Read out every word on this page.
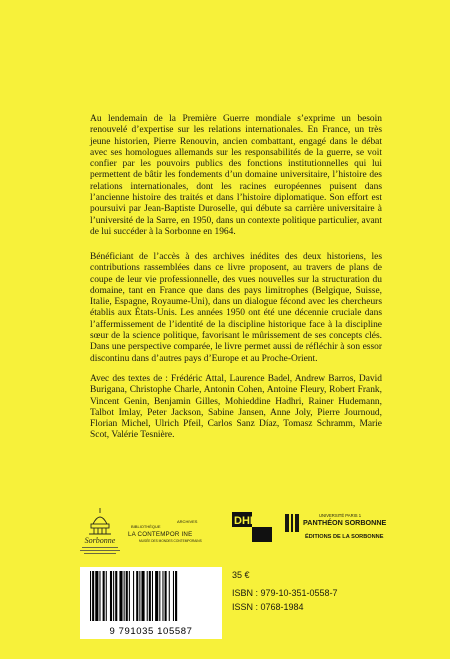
Au lendemain de la Première Guerre mondiale s’exprime un besoin renouvelé d’expertise sur les relations internationales. En France, un très jeune historien, Pierre Renouvin, ancien combattant, engagé dans le débat avec ses homologues allemands sur les responsabilités de la guerre, se voit confier par les pouvoirs publics des fonctions institutionnelles qui lui permettent de bâtir les fondements d’un domaine universitaire, l’histoire des relations internationales, dont les racines européennes puisent dans l’ancienne histoire des traités et dans l’histoire diplomatique. Son effort est poursuivi par Jean-Baptiste Duroselle, qui débute sa carrière universitaire à l’université de la Sarre, en 1950, dans un contexte politique particulier, avant de lui succéder à la Sorbonne en 1964.

Bénéficiant de l’accès à des archives inédites des deux historiens, les contributions rassemblées dans ce livre proposent, au travers de plans de coupe de leur vie professionnelle, des vues nouvelles sur la structuration du domaine, tant en France que dans des pays limitrophes (Belgique, Suisse, Italie, Espagne, Royaume-Uni), dans un dialogue fécond avec les chercheurs établis aux États-Unis. Les années 1950 ont été une décennie cruciale dans l’affermissement de l’identité de la discipline historique face à la discipline sœur de la science politique, favorisant le mûrissement de ses concepts clés. Dans une perspective comparée, le livre permet aussi de réfléchir à son essor discontinu dans d’autres pays d’Europe et au Proche-Orient.

Avec des textes de : Frédéric Attal, Laurence Badel, Andrew Barros, David Burigana, Christophe Charle, Antonin Cohen, Antoine Fleury, Robert Frank, Vincent Genin, Benjamin Gilles, Mohieddine Hadhri, Rainer Hudemann, Talbot Imlay, Peter Jackson, Sabine Jansen, Anne Joly, Pierre Journoud, Florian Michel, Ulrich Pfeil, Carlos Sanz Díaz, Tomasz Schramm, Marie Scot, Valérie Tesnière.

Sorbonne
ARCHIVES
BIBLIOTHÈQUE
LA CONTEMPOR INE
MUSÉE DES MONDES CONTEMPORAINS
DHIP HA	UNIVERSITÉ PARIS 1
PANTHÉON SORBONNE
ÉDITIONS DE LA SORBONNE
35 €
ISBN : 979-10-351-0558-7
ISSN : 0768-1984
9 791035 105587
